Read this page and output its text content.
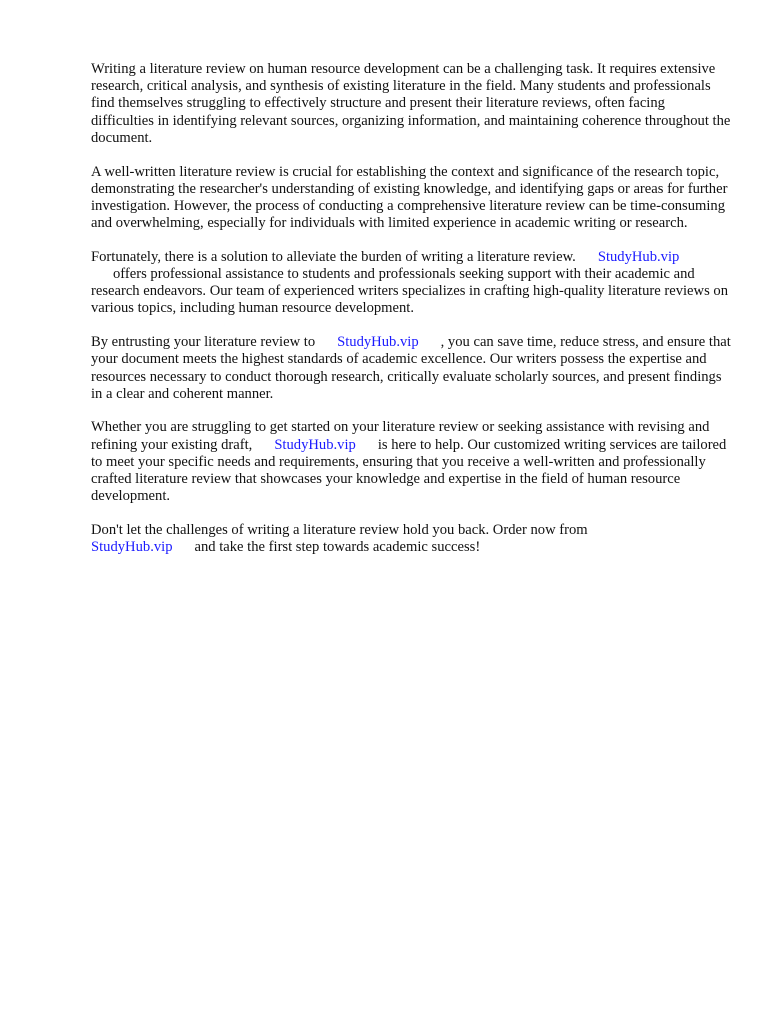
Writing a literature review on human resource development can be a challenging task. It requires extensive research, critical analysis, and synthesis of existing literature in the field. Many students and professionals find themselves struggling to effectively structure and present their literature reviews, often facing difficulties in identifying relevant sources, organizing information, and maintaining coherence throughout the document.

A well-written literature review is crucial for establishing the context and significance of the research topic, demonstrating the researcher's understanding of existing knowledge, and identifying gaps or areas for further investigation. However, the process of conducting a comprehensive literature review can be time-consuming and overwhelming, especially for individuals with limited experience in academic writing or research.

Fortunately, there is a solution to alleviate the burden of writing a literature review. StudyHub.vip
offers professional assistance to students and professionals seeking support with their academic and research endeavors. Our team of experienced writers specializes in crafting high-quality literature reviews on various topics, including human resource development.

By entrusting your literature review to StudyHub.vip , you can save time, reduce stress, and ensure that your document meets the highest standards of academic excellence. Our writers possess the expertise and resources necessary to conduct thorough research, critically evaluate scholarly sources, and present findings in a clear and coherent manner.

Whether you are struggling to get started on your literature review or seeking assistance with revising and refining your existing draft, StudyHub.vip is here to help. Our customized writing services are tailored to meet your specific needs and requirements, ensuring that you receive a well-written and professionally crafted literature review that showcases your knowledge and expertise in the field of human resource development.

Don't let the challenges of writing a literature review hold you back. Order now from
StudyHub.vip and take the first step towards academic success!
